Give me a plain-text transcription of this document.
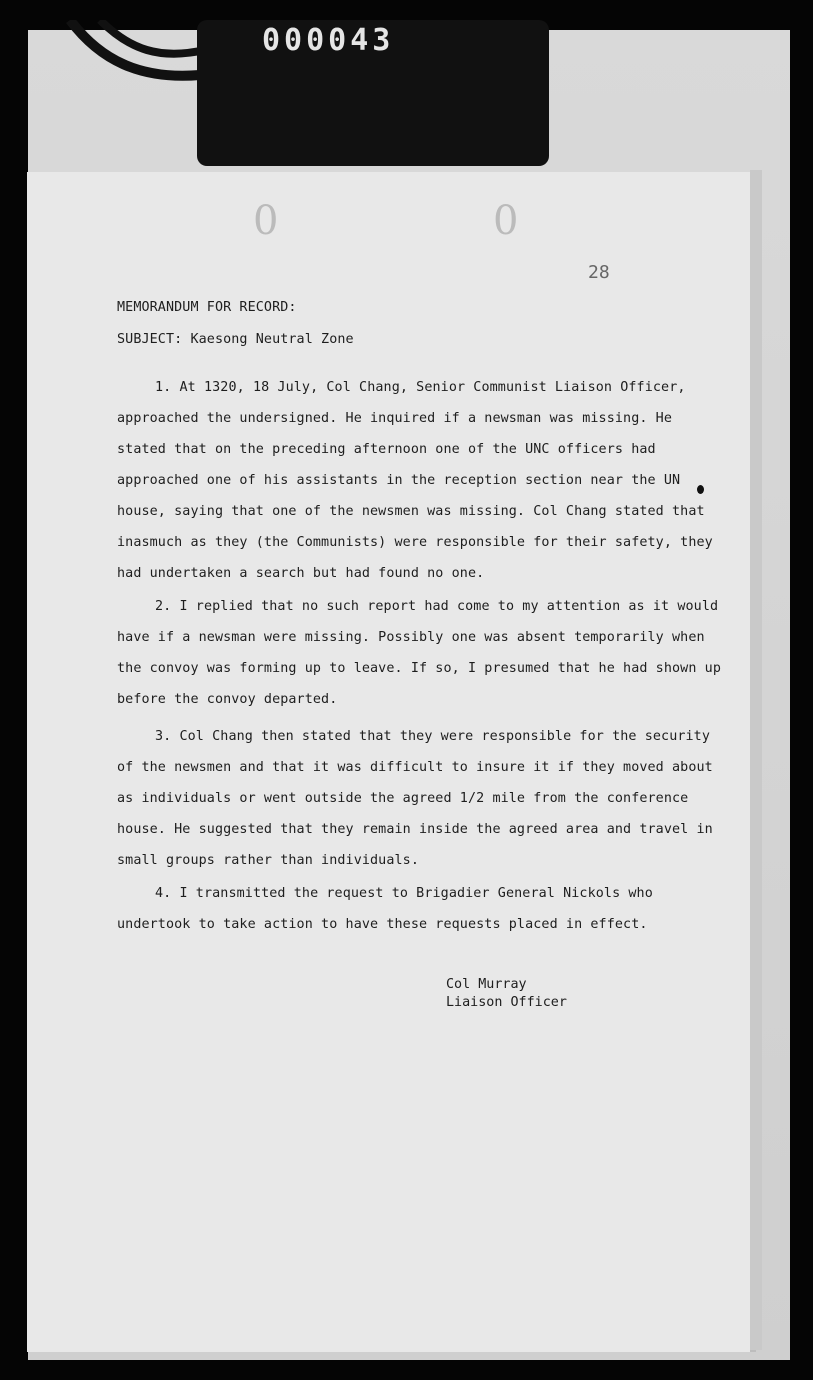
000043
0	0
28
MEMORANDUM FOR RECORD:
SUBJECT: Kaesong Neutral Zone
1. At 1320, 18 July, Col Chang, Senior Communist Liaison Officer, approached the undersigned. He inquired if a newsman was missing. He stated that on the preceding afternoon one of the UNC officers had approached one of his assistants in the reception section near the UN house, saying that one of the newsmen was missing. Col Chang stated that inasmuch as they (the Communists) were responsible for their safety, they had undertaken a search but had found no one.
2. I replied that no such report had come to my attention as it would have if a newsman were missing. Possibly one was absent temporarily when the convoy was forming up to leave. If so, I presumed that he had shown up before the convoy departed.
3. Col Chang then stated that they were responsible for the security of the newsmen and that it was difficult to insure it if they moved about as individuals or went outside the agreed 1/2 mile from the conference house. He suggested that they remain inside the agreed area and travel in small groups rather than individuals.
4. I transmitted the request to Brigadier General Nickols who undertook to take action to have these requests placed in effect.
Col Murray
Liaison Officer
